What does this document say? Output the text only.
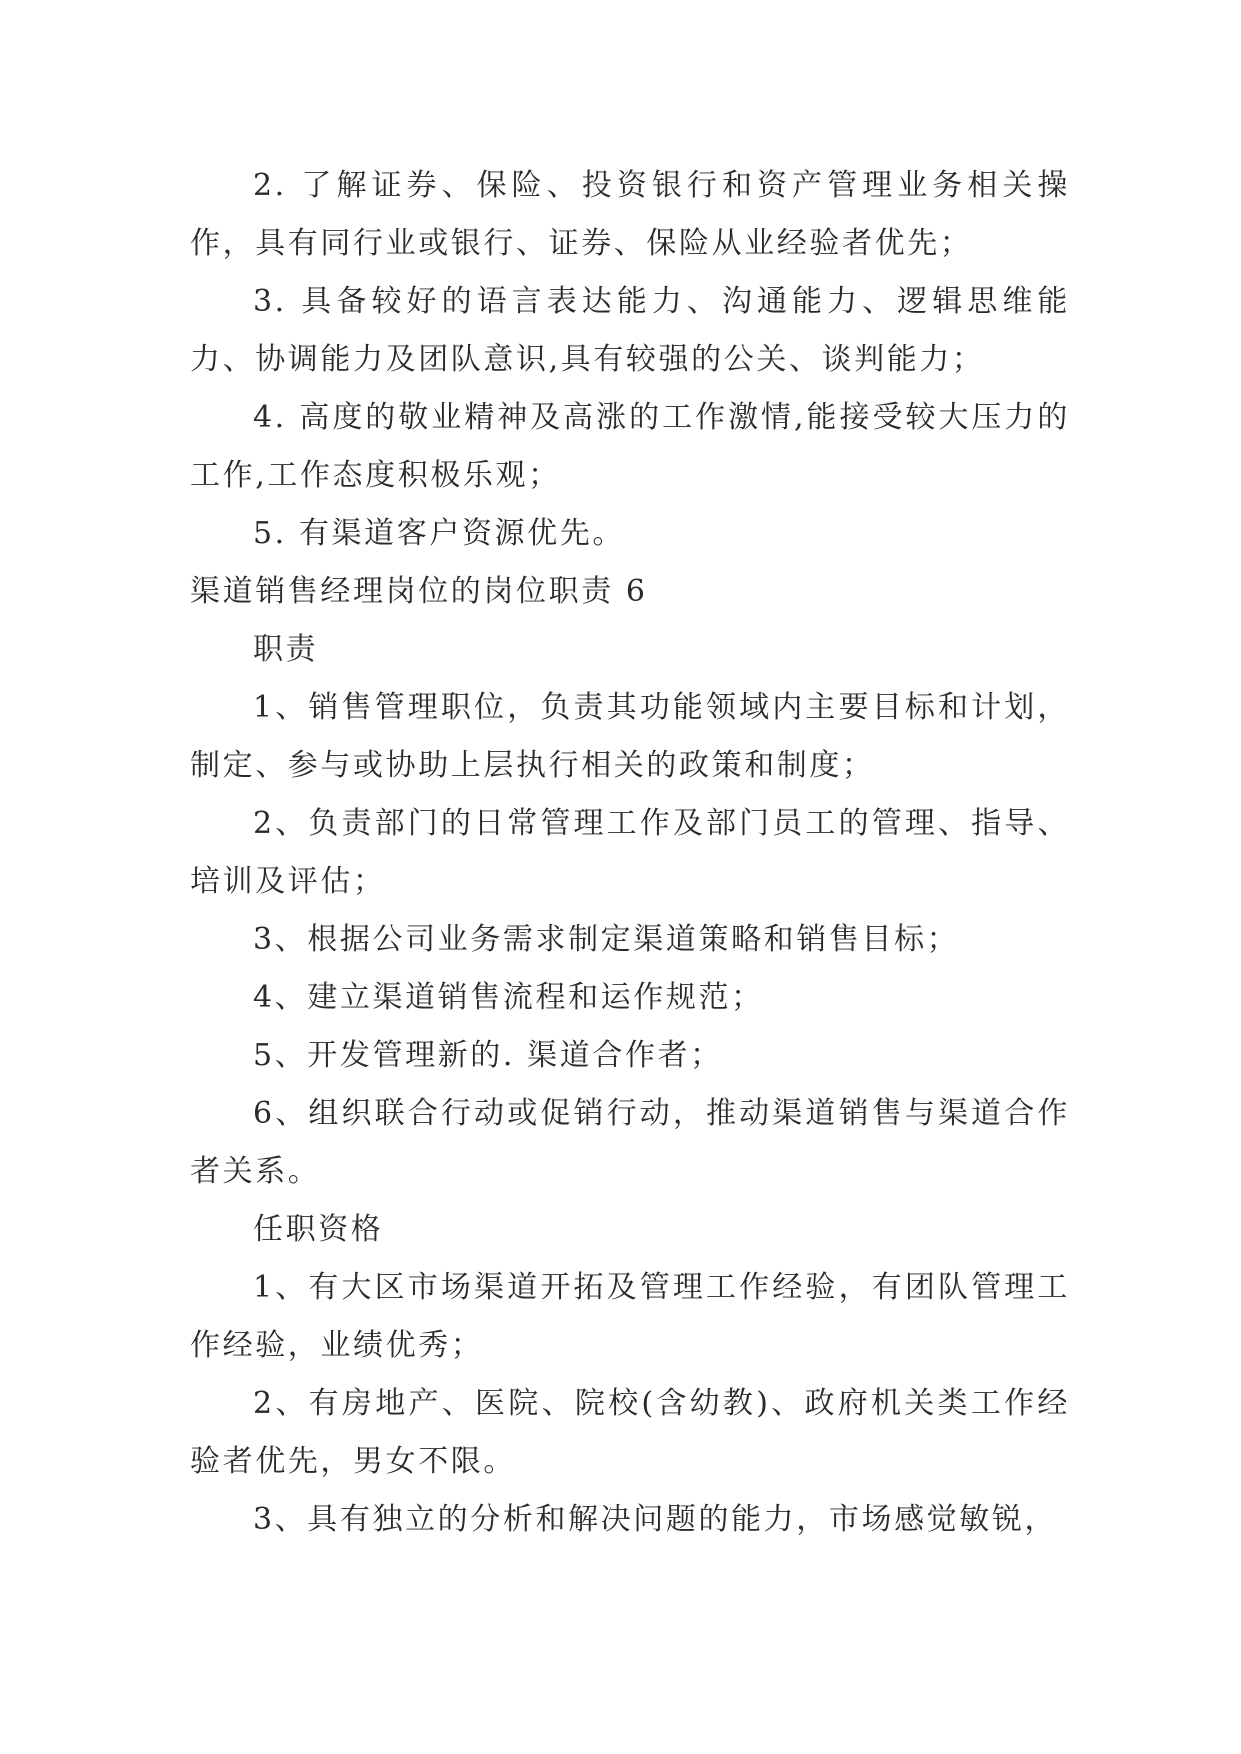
2. 了解证券、保险、投资银行和资产管理业务相关操作，具有同行业或银行、证券、保险从业经验者优先；

3. 具备较好的语言表达能力、沟通能力、逻辑思维能力、协调能力及团队意识,具有较强的公关、谈判能力；

4. 高度的敬业精神及高涨的工作激情,能接受较大压力的工作,工作态度积极乐观；

5. 有渠道客户资源优先。

渠道销售经理岗位的岗位职责 6

职责

1、销售管理职位，负责其功能领域内主要目标和计划，制定、参与或协助上层执行相关的政策和制度；

2、负责部门的日常管理工作及部门员工的管理、指导、培训及评估；

3、根据公司业务需求制定渠道策略和销售目标；

4、建立渠道销售流程和运作规范；

5、开发管理新的. 渠道合作者；

6、组织联合行动或促销行动，推动渠道销售与渠道合作者关系。

任职资格

1、有大区市场渠道开拓及管理工作经验，有团队管理工作经验，业绩优秀；

2、有房地产、医院、院校(含幼教)、政府机关类工作经验者优先，男女不限。

3、具有独立的分析和解决问题的能力，市场感觉敏锐，
